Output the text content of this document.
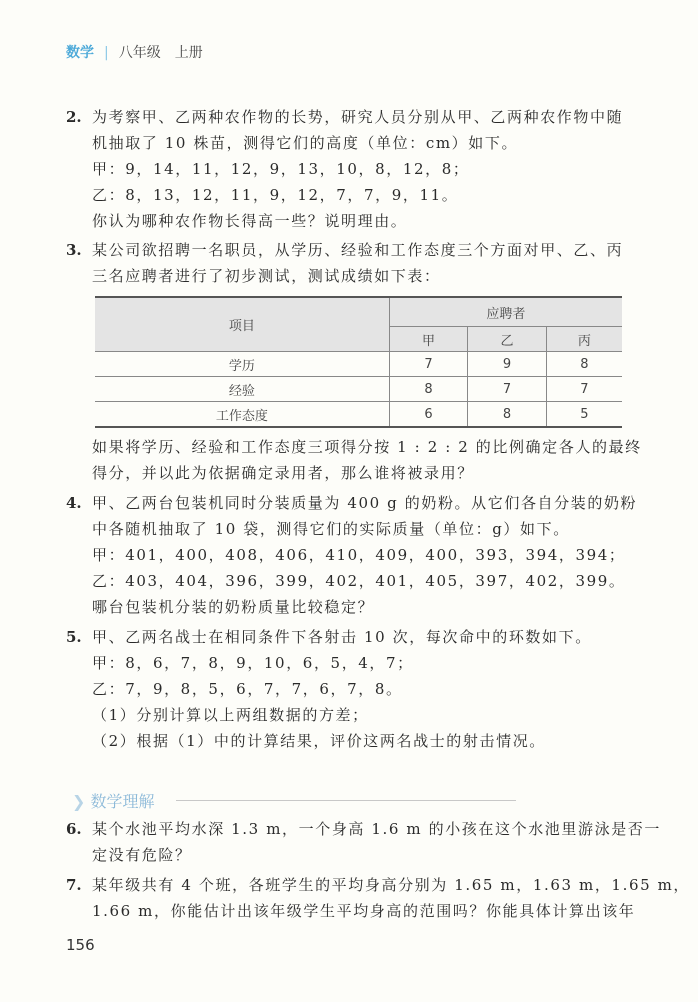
数学 | 八年级　上册
2. 为考察甲、乙两种农作物的长势，研究人员分别从甲、乙两种农作物中随
机抽取了 10 株苗，测得它们的高度（单位：cm）如下。
甲：9，14，11，12，9，13，10，8，12，8；
乙：8，13，12，11，9，12，7，7，9，11。
你认为哪种农作物长得高一些？说明理由。
3. 某公司欲招聘一名职员，从学历、经验和工作态度三个方面对甲、乙、丙
三名应聘者进行了初步测试，测试成绩如下表：
如果将学历、经验和工作态度三项得分按 1 : 2 : 2 的比例确定各人的最终
得分，并以此为依据确定录用者，那么谁将被录用？
4. 甲、乙两台包装机同时分装质量为 400 g 的奶粉。从它们各自分装的奶粉
中各随机抽取了 10 袋，测得它们的实际质量（单位：g）如下。
甲：401，400，408，406，410，409，400，393，394，394；
乙：403，404，396，399，402，401，405，397，402，399。
哪台包装机分装的奶粉质量比较稳定？
5. 甲、乙两名战士在相同条件下各射击 10 次，每次命中的环数如下。
甲：8，6，7，8，9，10，6，5，4，7；
乙：7，9，8，5，6，7，7，6，7，8。
（1）分别计算以上两组数据的方差；
（2）根据（1）中的计算结果，评价这两名战士的射击情况。
6. 某个水池平均水深 1.3 m，一个身高 1.6 m 的小孩在这个水池里游泳是否一
定没有危险？
7. 某年级共有 4 个班，各班学生的平均身高分别为 1.65 m，1.63 m，1.65 m，
1.66 m，你能估计出该年级学生平均身高的范围吗？你能具体计算出该年
项目	应聘者		
	甲	乙	丙
学历	7	9	8
经验	8	7	7
工作态度	6	8	5
❯ 数学理解
156
